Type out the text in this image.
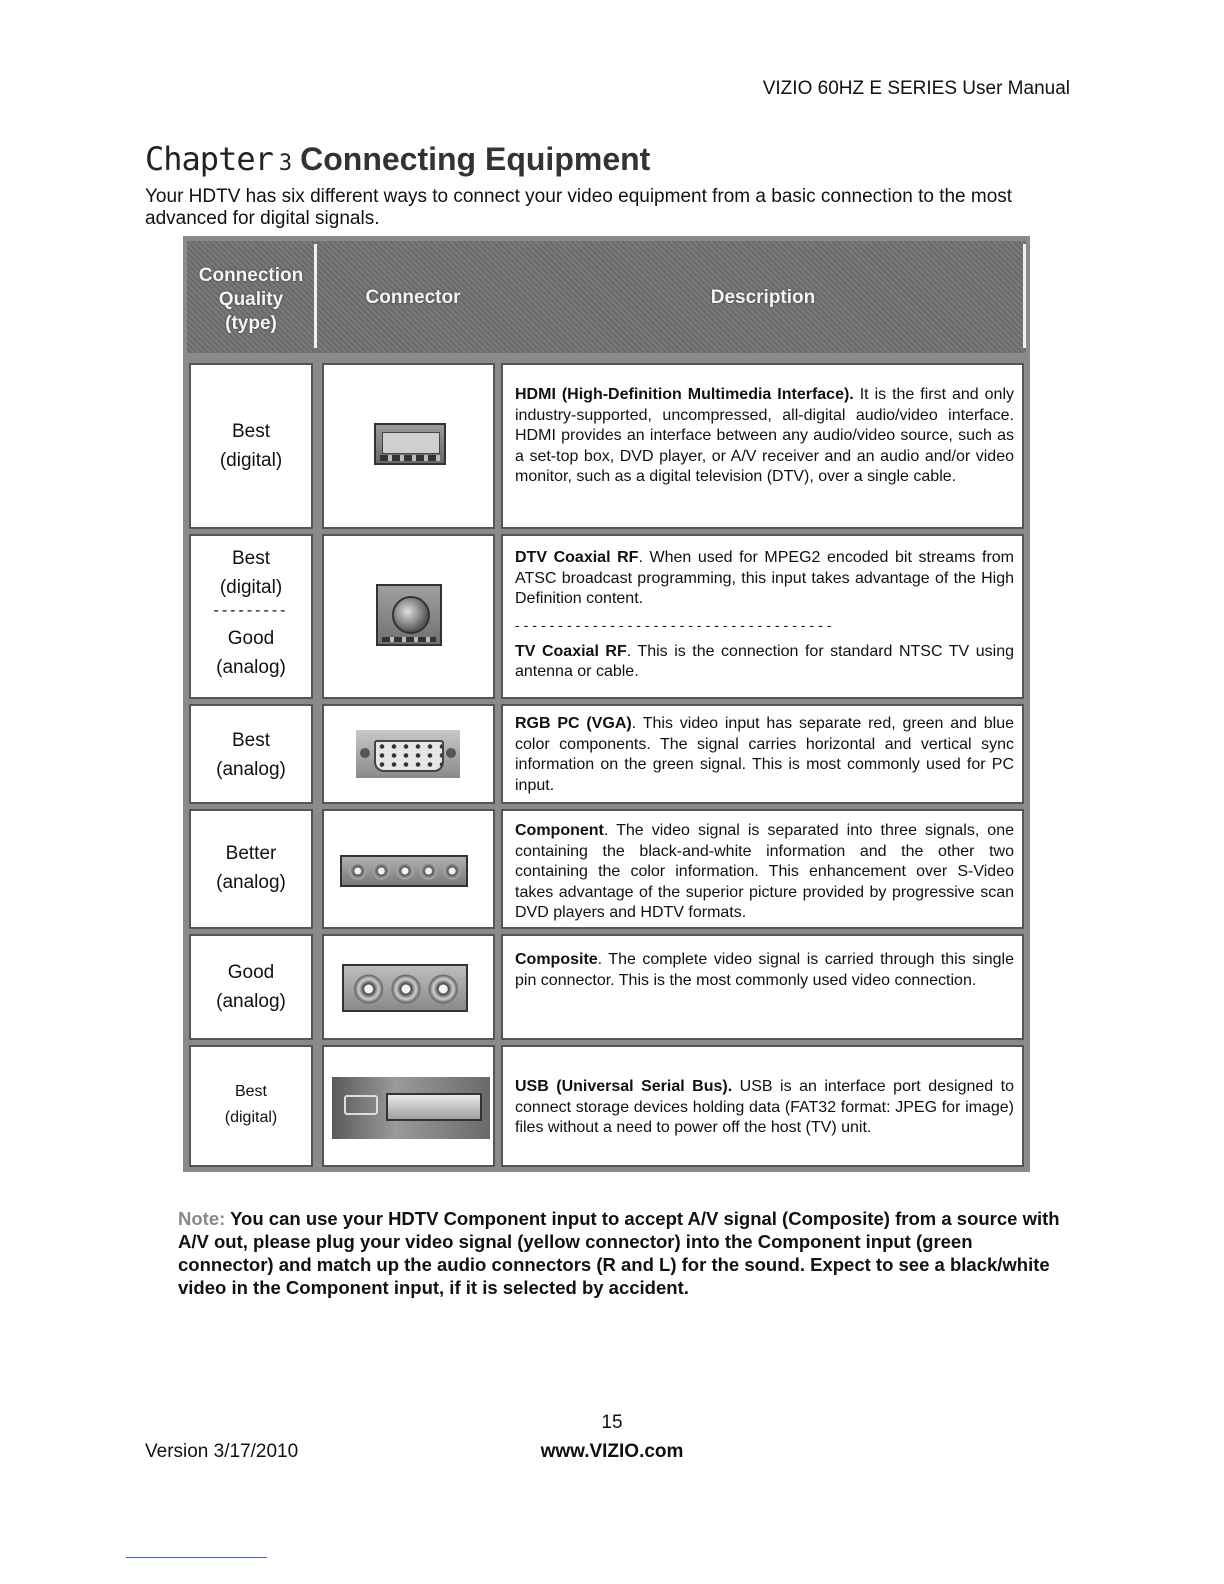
VIZIO 60HZ E SERIES User Manual
Chapter 3 Connecting Equipment
Your HDTV has six different ways to connect your video equipment from a basic connection to the most advanced for digital signals.
Connection
Quality
(type)
Connector	Description
Best
(digital)
HDMI (High-Definition Multimedia Interface). It is the first and only industry-supported, uncompressed, all-digital audio/video interface. HDMI provides an interface between any audio/video source, such as a set-top box, DVD player, or A/V receiver and an audio and/or video monitor, such as a digital television (DTV), over a single cable.
Best
(digital)
---------
Good
(analog)
DTV Coaxial RF. When used for MPEG2 encoded bit streams from ATSC broadcast programming, this input takes advantage of the High Definition content.
-------------------------------------
TV Coaxial RF. This is the connection for standard NTSC TV using antenna or cable.
Best
(analog)
RGB PC (VGA). This video input has separate red, green and blue color components. The signal carries horizontal and vertical sync information on the green signal. This is most commonly used for PC input.
Better
(analog)
Component. The video signal is separated into three signals, one containing the black-and-white information and the other two containing the color information. This enhancement over S-Video takes advantage of the superior picture provided by progressive scan DVD players and HDTV formats.
Good
(analog)
Composite. The complete video signal is carried through this single pin connector. This is the most commonly used video connection.
Best
(digital)
USB (Universal Serial Bus). USB is an interface port designed to connect storage devices holding data (FAT32 format: JPEG for image) files without a need to power off the host (TV) unit.
Note: You can use your HDTV Component input to accept A/V signal (Composite) from a source with A/V out, please plug your video signal (yellow connector) into the Component input (green connector) and match up the audio connectors (R and L) for the sound. Expect to see a black/white video in the Component input, if it is selected by accident.
15
Version 3/17/2010	www.VIZIO.com
